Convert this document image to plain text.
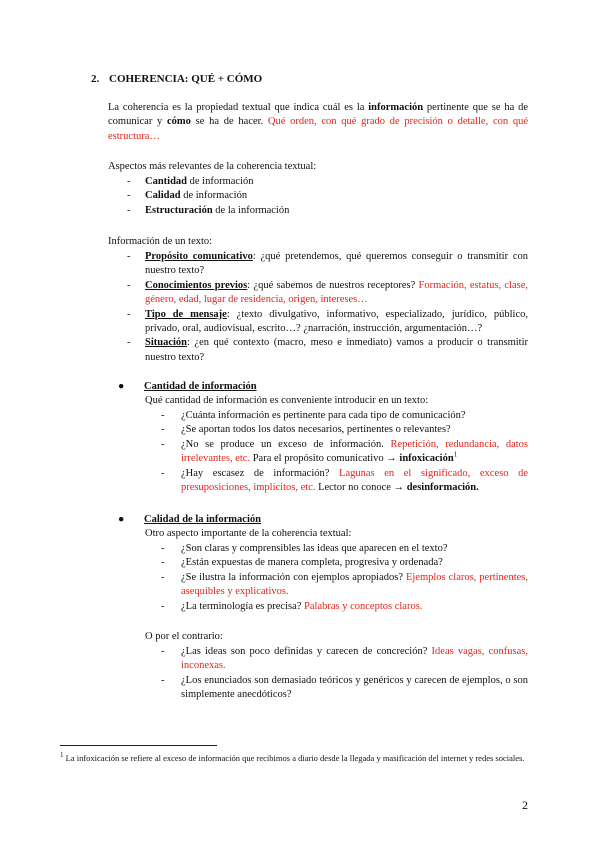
2. COHERENCIA: QUÉ + CÓMO
La coherencia es la propiedad textual que indica cuál es la información pertinente que se ha de comunicar y cómo se ha de hacer. Qué orden, con qué grado de precisión o detalle, con qué estructura…
Aspectos más relevantes de la coherencia textual:
- Cantidad de información
- Calidad de información
- Estructuración de la información
Información de un texto:
- Propósito comunicativo: ¿qué pretendemos, qué queremos conseguir o transmitir con nuestro texto?
- Conocimientos previos: ¿qué sabemos de nuestros receptores? Formación, estatus, clase, género, edad, lugar de residencia, origen, intereses…
- Tipo de mensaje: ¿texto divulgativo, informativo, especializado, jurídico, público, privado, oral, audiovisual, escrito…? ¿narración, instrucción, argumentación…?
- Situación: ¿en qué contexto (macro, meso e inmediato) vamos a producir o transmitir nuestro texto?
● Cantidad de información
Qué cantidad de información es conveniente introducir en un texto:
- ¿Cuánta información es pertinente para cada tipo de comunicación?
- ¿Se aportan todos los datos necesarios, pertinentes o relevantes?
- ¿No se produce un exceso de información. Repetición, redundancia, datos irrelevantes, etc. Para el propósito comunicativo → infoxicación$^1$
- ¿Hay escasez de información? Lagunas en el significado, exceso de presuposiciones, implícitos, etc. Lector no conoce → desinformación.
● Calidad de la información
Otro aspecto importante de la coherencia textual:
- ¿Son claras y comprensibles las ideas que aparecen en el texto?
- ¿Están expuestas de manera completa, progresiva y ordenada?
- ¿Se ilustra la información con ejemplos apropiados? Ejemplos claros, pertinentes, asequibles y explicativos.
- ¿La terminología es precisa? Palabras y conceptos claros.
O por el contrario:
- ¿Las ideas son poco definidas y carecen de concreción? Ideas vagas, confusas, inconexas.
- ¿Los enunciados son demasiado teóricos y genéricos y carecen de ejemplos, o son simplemente anecdóticos?
$^1$ La infoxicación se refiere al exceso de información que recibimos a diario desde la llegada y masificación del internet y redes sociales.
2
